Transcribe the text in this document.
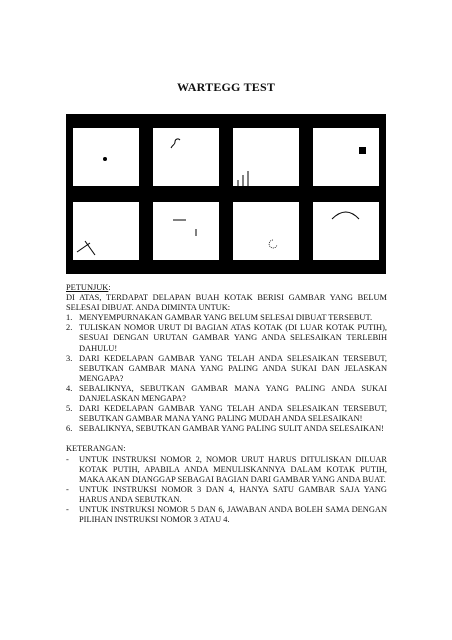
WARTEGG TEST
PETUNJUK:
DI ATAS, TERDAPAT DELAPAN BUAH KOTAK BERISI GAMBAR YANG BELUM SELESAI DIBUAT. ANDA DIMINTA UNTUK:
1. MENYEMPURNAKAN GAMBAR YANG BELUM SELESAI DIBUAT TERSEBUT.
2. TULISKAN NOMOR URUT DI BAGIAN ATAS KOTAK (DI LUAR KOTAK PUTIH), SESUAI DENGAN URUTAN GAMBAR YANG ANDA SELESAIKAN TERLEBIH DAHULU!
3. DARI KEDELAPAN GAMBAR YANG TELAH ANDA SELESAIKAN TERSEBUT, SEBUTKAN GAMBAR MANA YANG PALING ANDA SUKAI DAN JELASKAN MENGAPA?
4. SEBALIKNYA, SEBUTKAN GAMBAR MANA YANG PALING ANDA SUKAI DANJELASKAN MENGAPA?
5. DARI KEDELAPAN GAMBAR YANG TELAH ANDA SELESAIKAN TERSEBUT, SEBUTKAN GAMBAR MANA YANG PALING MUDAH ANDA SELESAIKAN!
6. SEBALIKNYA, SEBUTKAN GAMBAR YANG PALING SULIT ANDA SELESAIKAN!
KETERANGAN:
- UNTUK INSTRUKSI NOMOR 2, NOMOR URUT HARUS DITULISKAN DILUAR KOTAK PUTIH, APABILA ANDA MENULISKANNYA DALAM KOTAK PUTIH, MAKA AKAN DIANGGAP SEBAGAI BAGIAN DARI GAMBAR YANG ANDA BUAT.
- UNTUK INSTRUKSI NOMOR 3 DAN 4, HANYA SATU GAMBAR SAJA YANG HARUS ANDA SEBUTKAN.
- UNTUK INSTRUKSI NOMOR 5 DAN 6, JAWABAN ANDA BOLEH SAMA DENGAN PILIHAN INSTRUKSI NOMOR 3 ATAU 4.
